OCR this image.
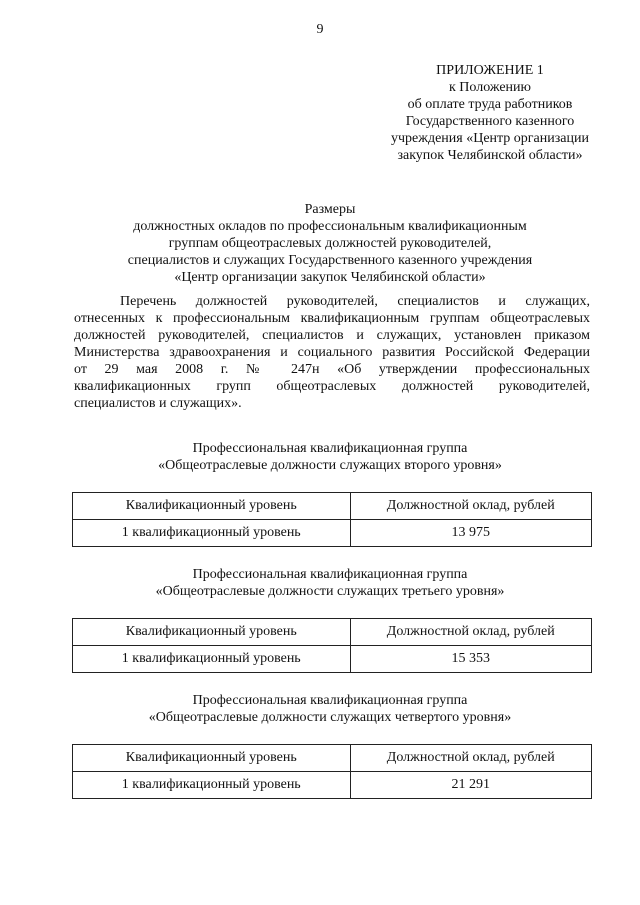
9
ПРИЛОЖЕНИЕ 1
к Положению
об оплате труда работников
Государственного казенного
учреждения «Центр организации
закупок Челябинской области»
Размеры
должностных окладов по профессиональным квалификационным
группам общеотраслевых должностей руководителей,
специалистов и служащих Государственного казенного учреждения
«Центр организации закупок Челябинской области»
Перечень должностей руководителей, специалистов и служащих,
отнесенных к профессиональным квалификационным группам общеотраслевых
должностей руководителей, специалистов и служащих, установлен приказом
Министерства здравоохранения и социального развития Российской Федерации
от 29 мая 2008 г. № 247н «Об утверждении профессиональных
квалификационных групп общеотраслевых должностей руководителей,
специалистов и служащих».
Профессиональная квалификационная группа
«Общеотраслевые должности служащих второго уровня»
Квалификационный уровень	Должностной оклад, рублей
1 квалификационный уровень	13 975
Профессиональная квалификационная группа
«Общеотраслевые должности служащих третьего уровня»
Квалификационный уровень	Должностной оклад, рублей
1 квалификационный уровень	15 353
Профессиональная квалификационная группа
«Общеотраслевые должности служащих четвертого уровня»
Квалификационный уровень	Должностной оклад, рублей
1 квалификационный уровень	21 291
